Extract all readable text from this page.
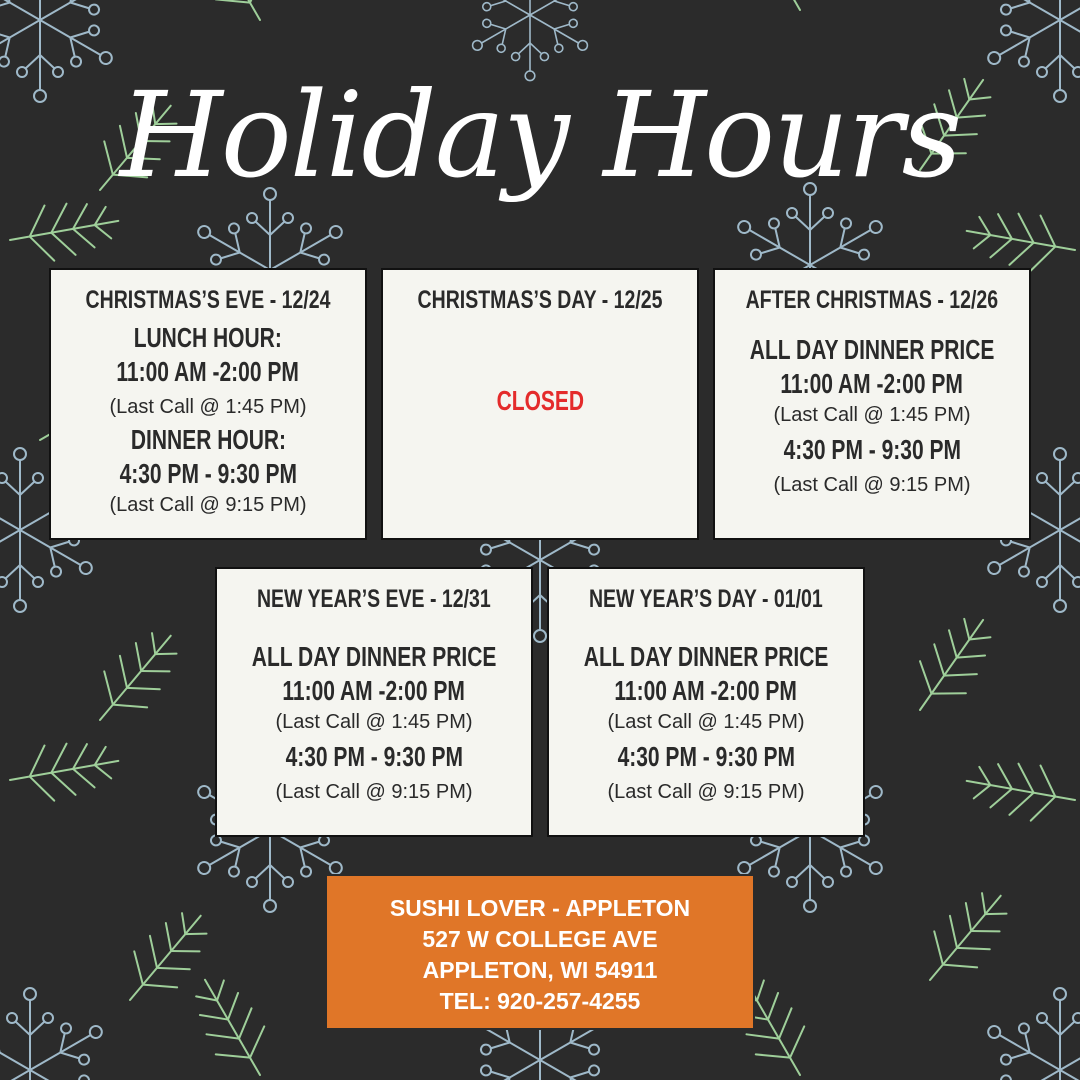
Holiday Hours
CHRISTMAS’S EVE - 12/24
LUNCH HOUR:
11:00 AM -2:00 PM
(Last Call @ 1:45 PM)
DINNER HOUR:
4:30 PM - 9:30 PM
(Last Call @ 9:15 PM)
CHRISTMAS’S DAY - 12/25
CLOSED
AFTER CHRISTMAS - 12/26
ALL DAY DINNER PRICE
11:00 AM -2:00 PM
(Last Call @ 1:45 PM)
4:30 PM - 9:30 PM
(Last Call @ 9:15 PM)
NEW YEAR’S EVE - 12/31
ALL DAY DINNER PRICE
11:00 AM -2:00 PM
(Last Call @ 1:45 PM)
4:30 PM - 9:30 PM
(Last Call @ 9:15 PM)
NEW YEAR’S DAY - 01/01
ALL DAY DINNER PRICE
11:00 AM -2:00 PM
(Last Call @ 1:45 PM)
4:30 PM - 9:30 PM
(Last Call @ 9:15 PM)
SUSHI LOVER - APPLETON
527 W COLLEGE AVE
APPLETON, WI 54911
TEL: 920-257-4255
